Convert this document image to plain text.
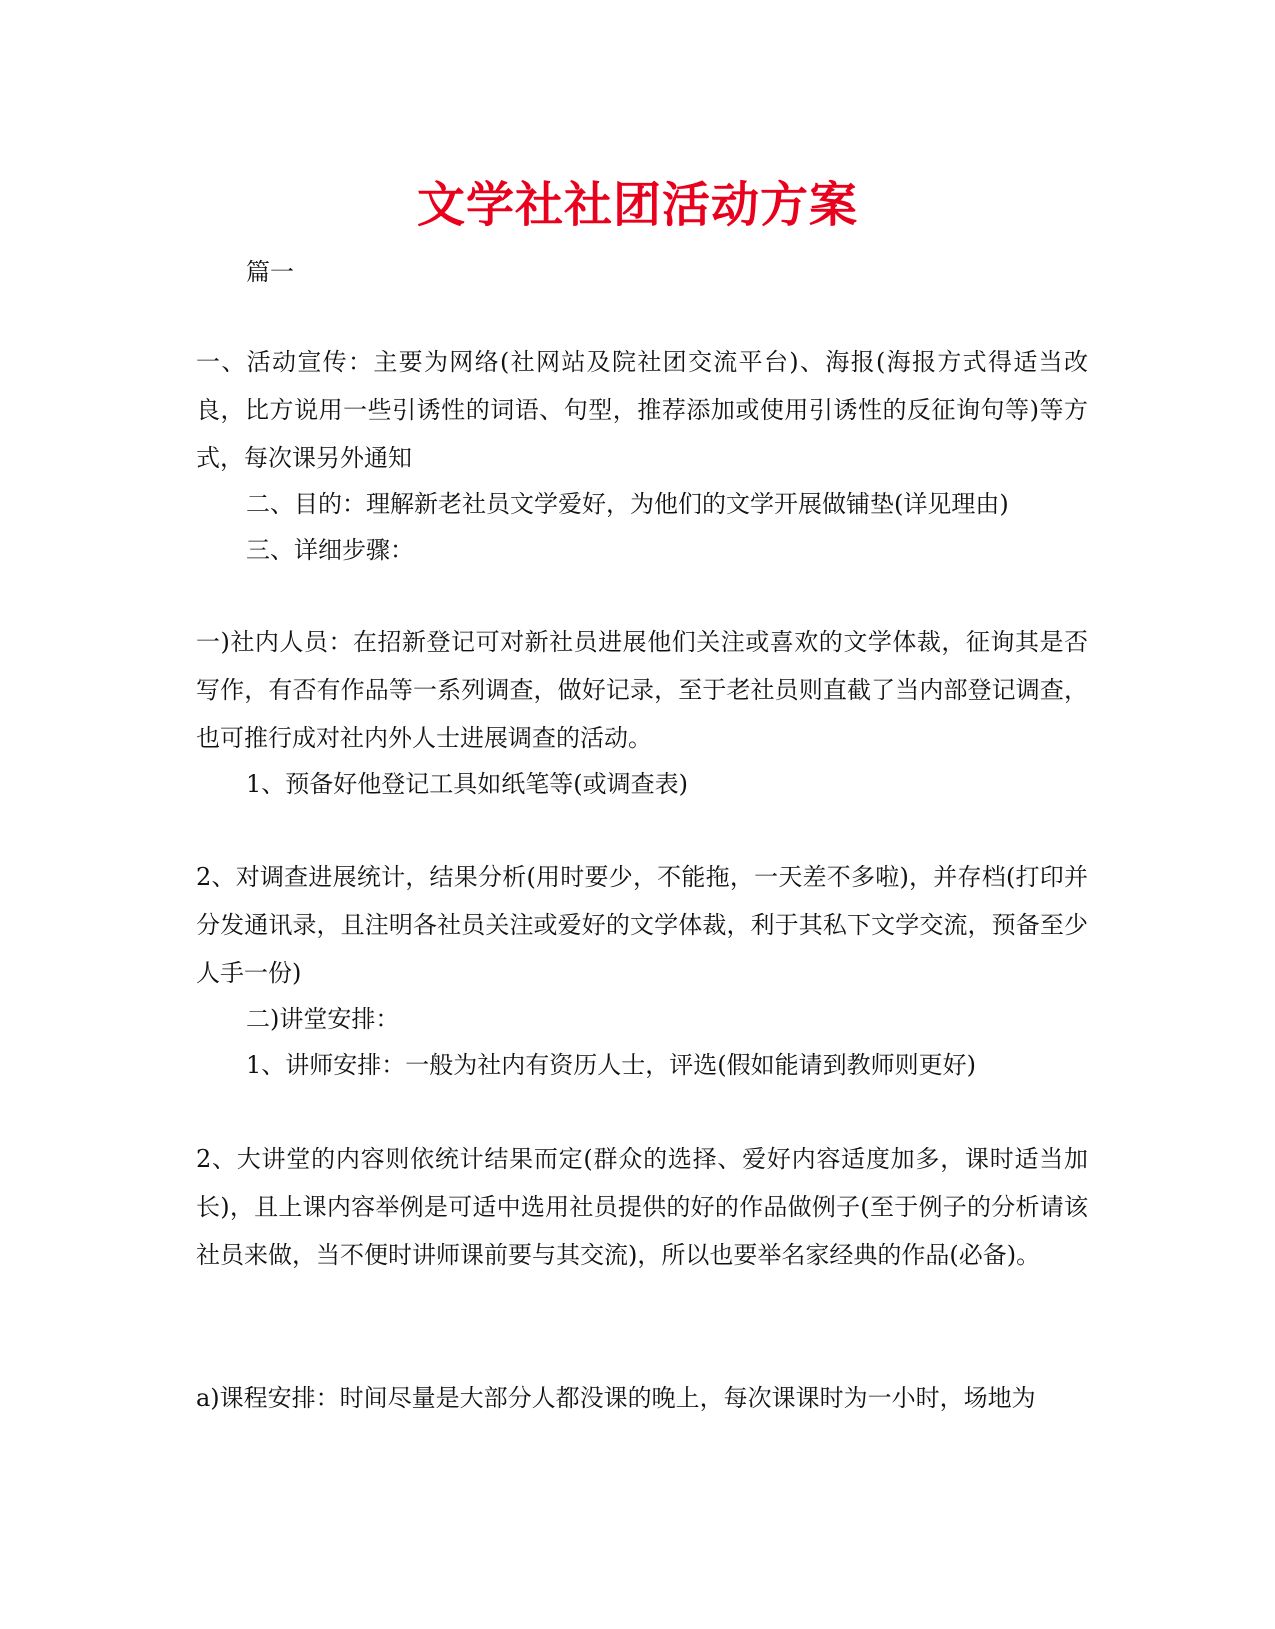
文学社社团活动方案

篇一

一、活动宣传：主要为网络(社网站及院社团交流平台)、海报(海报方式得适当改良，比方说用一些引诱性的词语、句型，推荐添加或使用引诱性的反征询句等)等方式，每次课另外通知

二、目的：理解新老社员文学爱好，为他们的文学开展做铺垫(详见理由)

三、详细步骤：

一)社内人员：在招新登记可对新社员进展他们关注或喜欢的文学体裁，征询其是否写作，有否有作品等一系列调查，做好记录，至于老社员则直截了当内部登记调查，也可推行成对社内外人士进展调查的活动。

1、预备好他登记工具如纸笔等(或调查表)

2、对调查进展统计，结果分析(用时要少，不能拖，一天差不多啦)，并存档(打印并分发通讯录，且注明各社员关注或爱好的文学体裁，利于其私下文学交流，预备至少人手一份)

二)讲堂安排：

1、讲师安排：一般为社内有资历人士，评选(假如能请到教师则更好)

2、大讲堂的内容则依统计结果而定(群众的选择、爱好内容适度加多，课时适当加长)，且上课内容举例是可适中选用社员提供的好的作品做例子(至于例子的分析请该社员来做，当不便时讲师课前要与其交流)，所以也要举名家经典的作品(必备)。

a)课程安排：时间尽量是大部分人都没课的晚上，每次课课时为一小时，场地为
